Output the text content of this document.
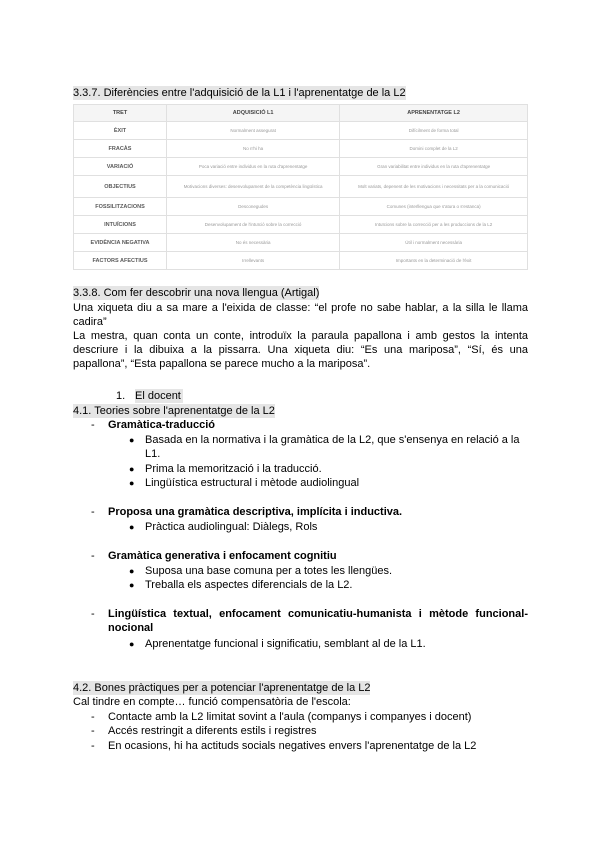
3.3.7. Diferències entre l'adquisició de la L1 i l'aprenentatge de la L2
TRET	ADQUISICIÓ L1	APRENENTATGE L2
ÈXIT	Normalment assegurat	Difícilment de forma total
FRACÀS	No n'hi ha	Domini complet de la L2
VARIACIÓ	Poca variació entre individus en la ruta d'aprenentatge	Gran variabilitat entre individus en la ruta d'aprenentatge
OBJECTIUS	Motivacions diverses: desenvolupament de la competència lingüística	Molt variats, depenent de les motivacions i necessitats per a la comunicació
FOSSILITZACIONS	Desconegudes	Comunes (interllengua que s'atura o s'estanca)
INTUÏCIONS	Desenvolupament de l'intuïció sobre la correcció	Intuïcions sobre la correcció per a les produccions de la L2
EVIDÈNCIA NEGATIVA	No és necessària	Útil i normalment necessària
FACTORS AFECTIUS	Irrellevants	Importants en la determinació de l'èxit
3.3.8. Com fer descobrir una nova llengua (Artigal)
Una xiqueta diu a sa mare a l'eixida de classe: “el profe no sabe hablar, a la silla le llama cadira”
La mestra, quan conta un conte, introduïx la paraula papallona i amb gestos la intenta descriure i la dibuixa a la pissarra. Una xiqueta diu: “Es una mariposa”, “Sí, és una papallona”, “Esta papallona se parece mucho a la mariposa”.
1. El docent
4.1. Teories sobre l'aprenentatge de la L2
- Gramàtica-traducció
● Basada en la normativa i la gramàtica de la L2, que s'ensenya en relació a la
L1.
● Prima la memorització i la traducció.
● Lingüística estructural i mètode audiolingual
- Proposa una gramàtica descriptiva, implícita i inductiva.
● Pràctica audiolingual: Diàlegs, Rols
- Gramàtica generativa i enfocament cognitiu
● Suposa una base comuna per a totes les llengües.
● Treballa els aspectes diferencials de la L2.
- Lingüística textual, enfocament comunicatiu-humanista i mètode funcional-
nocional
● Aprenentatge funcional i significatiu, semblant al de la L1.
4.2. Bones pràctiques per a potenciar l'aprenentatge de la L2
Cal tindre en compte… funció compensatòria de l'escola:
- Contacte amb la L2 limitat sovint a l'aula (companys i companyes i docent)
- Accés restringit a diferents estils i registres
- En ocasions, hi ha actituds socials negatives envers l'aprenentatge de la L2
